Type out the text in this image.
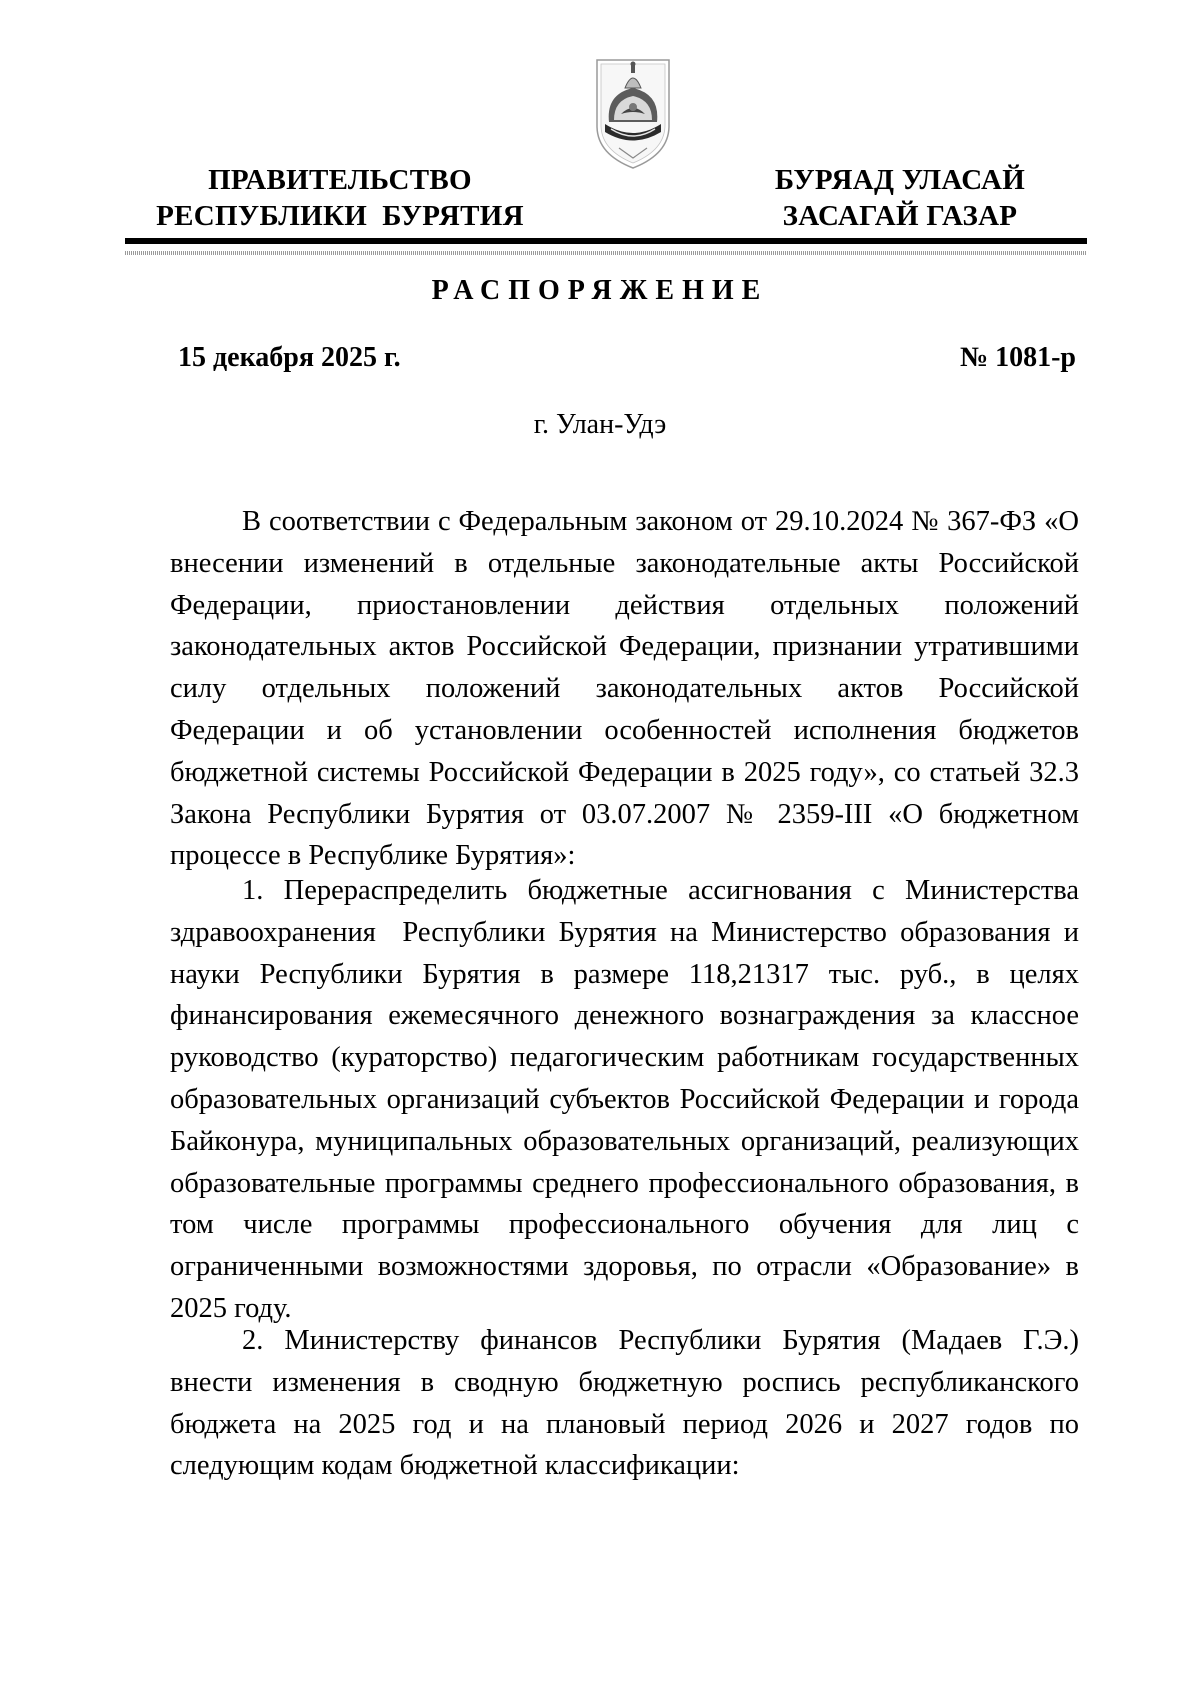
ПРАВИТЕЛЬСТВО
РЕСПУБЛИКИ  БУРЯТИЯ
БУРЯАД УЛАСАЙ
ЗАСАГАЙ ГАЗАР
РАСПОРЯЖЕНИЕ
15 декабря 2025 г.	№ 1081-р
г. Улан-Удэ
В соответствии с Федеральным законом от 29.10.2024 № 367-ФЗ «О внесении изменений в отдельные законодательные акты Российской Федерации, приостановлении действия отдельных положений законодательных актов Российской Федерации, признании утратившими силу отдельных положений законодательных актов Российской Федерации и об установлении особенностей исполнения бюджетов бюджетной системы Российской Федерации в 2025 году», со статьей 32.3 Закона Республики Бурятия от 03.07.2007 № 2359-III «О бюджетном процессе в Республике Бурятия»:
1. Перераспределить бюджетные ассигнования с Министерства здравоохранения  Республики Бурятия на Министерство образования и науки Республики Бурятия в размере 118,21317 тыс. руб., в целях финансирования ежемесячного денежного вознаграждения за классное руководство (кураторство) педагогическим работникам государственных образовательных организаций субъектов Российской Федерации и города Байконура, муниципальных образовательных организаций, реализующих образовательные программы среднего профессионального образования, в том числе программы профессионального обучения для лиц с ограниченными возможностями здоровья, по отрасли «Образование» в 2025 году.
2. Министерству финансов Республики Бурятия (Мадаев Г.Э.) внести изменения в сводную бюджетную роспись республиканского бюджета на 2025 год и на плановый период 2026 и 2027 годов по следующим кодам бюджетной классификации:
